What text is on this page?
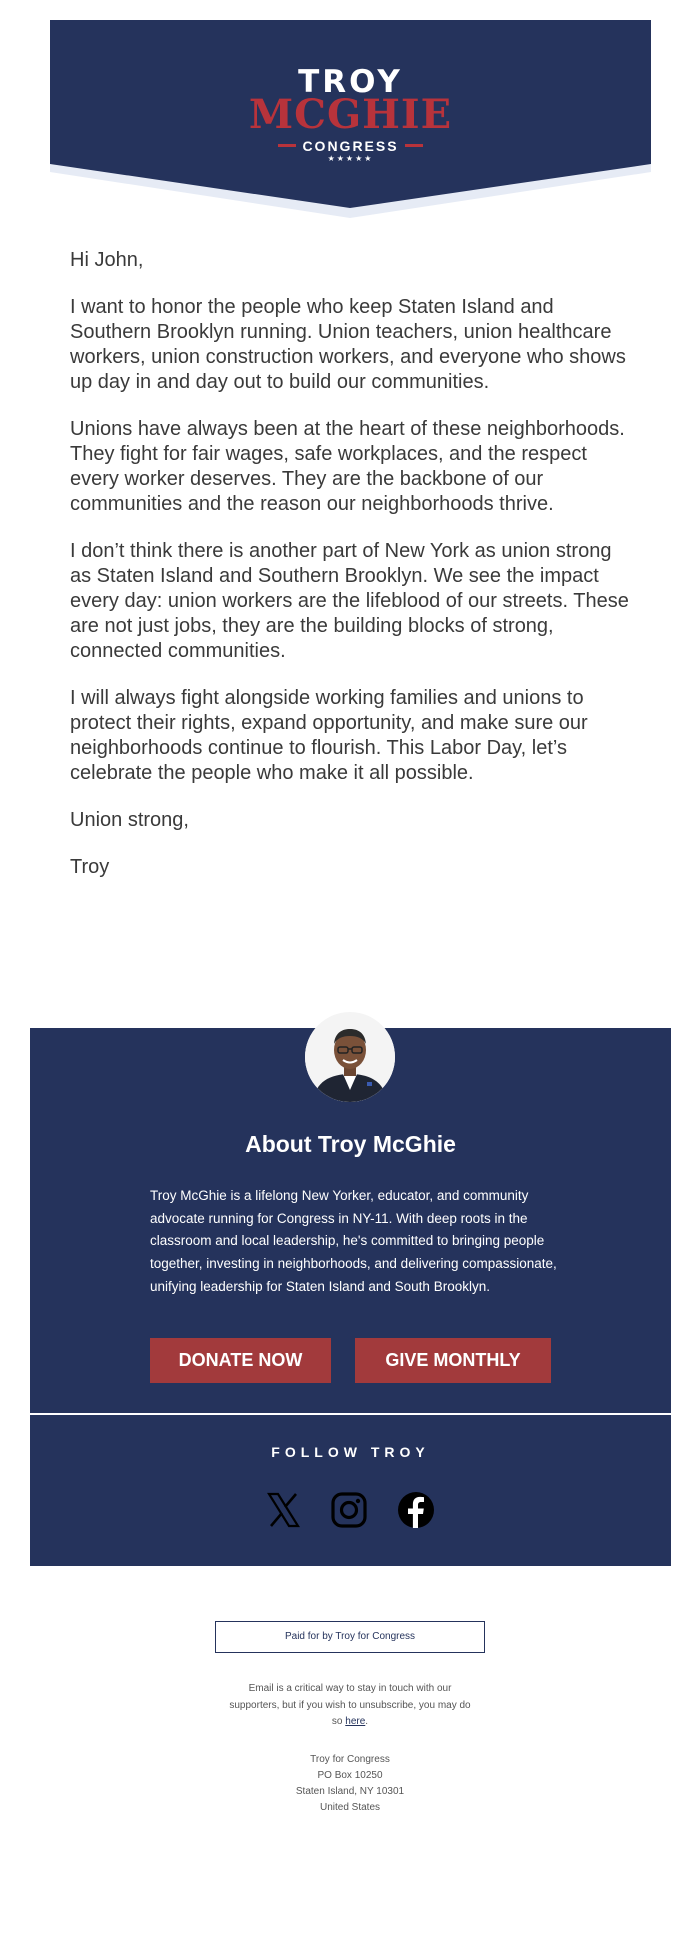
TROY
MCGHIE
CONGRESS
★★★★★

Hi John,

I want to honor the people who keep Staten Island and Southern Brooklyn running. Union teachers, union healthcare workers, union construction workers, and everyone who shows up day in and day out to build our communities.

Unions have always been at the heart of these neighborhoods. They fight for fair wages, safe workplaces, and the respect every worker deserves. They are the backbone of our communities and the reason our neighborhoods thrive.

I don’t think there is another part of New York as union strong as Staten Island and Southern Brooklyn. We see the impact every day: union workers are the lifeblood of our streets. These are not just jobs, they are the building blocks of strong, connected communities.

I will always fight alongside working families and unions to protect their rights, expand opportunity, and make sure our neighborhoods continue to flourish. This Labor Day, let’s celebrate the people who make it all possible.

Union strong,

Troy

About Troy McGhie
Troy McGhie is a lifelong New Yorker, educator, and community advocate running for Congress in NY-11. With deep roots in the classroom and local leadership, he's committed to bringing people together, investing in neighborhoods, and delivering compassionate, unifying leadership for Staten Island and South Brooklyn.
DONATE NOW	GIVE MONTHLY
FOLLOW TROY
Paid for by Troy for Congress
Email is a critical way to stay in touch with our supporters, but if you wish to unsubscribe, you may do so here.
Troy for Congress
PO Box 10250
Staten Island, NY 10301
United States
